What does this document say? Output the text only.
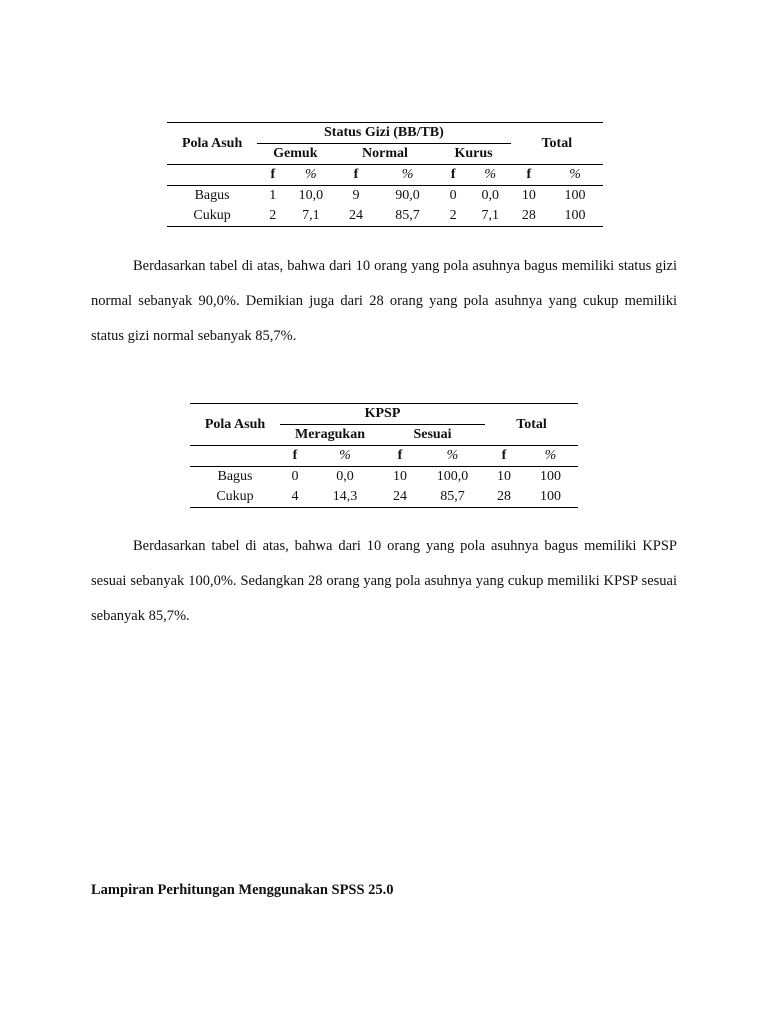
Pola Asuh	Status Gizi (BB/TB)						Total	
	Gemuk		Normal		Kurus			
	f	%	f	%	f	%	f	%
Bagus	1	10,0	9	90,0	0	0,0	10	100
Cukup	2	7,1	24	85,7	2	7,1	28	100
Berdasarkan tabel di atas, bahwa dari 10 orang yang pola asuhnya bagus memiliki status gizi normal sebanyak 90,0%. Demikian juga dari 28 orang yang pola asuhnya yang cukup memiliki status gizi normal sebanyak 85,7%.
Pola Asuh	KPSP				Total	
	Meragukan		Sesuai			
	f	%	f	%	f	%
Bagus	0	0,0	10	100,0	10	100
Cukup	4	14,3	24	85,7	28	100
Berdasarkan tabel di atas, bahwa dari 10 orang yang pola asuhnya bagus memiliki KPSP sesuai sebanyak 100,0%. Sedangkan 28 orang yang pola asuhnya yang cukup memiliki KPSP sesuai sebanyak 85,7%.
Lampiran Perhitungan Menggunakan SPSS 25.0
